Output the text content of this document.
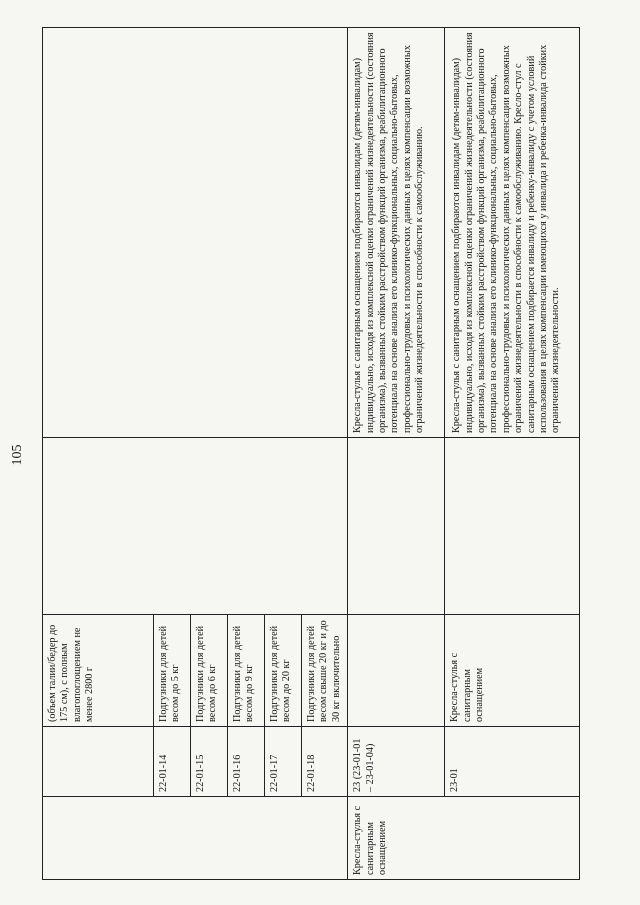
105
		(объем талии/бедер до 175 см), с полным влагопоглощением не менее 2800 г		
	22-01-14	Подгузники для детей весом до 5 кг		
	22-01-15	Подгузники для детей весом до 6 кг		
	22-01-16	Подгузники для детей весом до 9 кг		
	22-01-17	Подгузники для детей весом до 20 кг		
	22-01-18	Подгузники для детей весом свыше 20 кг и до 30 кг включительно		
Кресла-стулья с санитарным оснащением	23 (23-01-01 – 23-01-04)			Кресла-стулья с санитарным оснащением подбираются инвалидам (детям-инвалидам) индивидуально, исходя из комплексной оценки ограничений жизнедеятельности (состояния организма), вызванных стойким расстройством функций организма, реабилитационного потенциала на основе анализа его клинико-функциональных, социально-бытовых, профессионально-трудовых и психологических данных в целях компенсации возможных ограничений жизнедеятельности в способности к самообслуживанию.
	23-01	Кресла-стулья с санитарным оснащением		Кресла-стулья с санитарным оснащением подбираются инвалидам (детям-инвалидам) индивидуально, исходя из комплексной оценки ограничений жизнедеятельности (состояния организма), вызванных стойким расстройством функций организма, реабилитационного потенциала на основе анализа его клинико-функциональных, социально-бытовых, профессионально-трудовых и психологических данных в целях компенсации возможных ограничений жизнедеятельности в способности к самообслуживанию. Кресло-стул с санитарным оснащением подбирается инвалиду и ребенку-инвалиду с учетом условий использования в целях компенсации имеющихся у инвалида и ребенка-инвалида стойких ограничений жизнедеятельности.
